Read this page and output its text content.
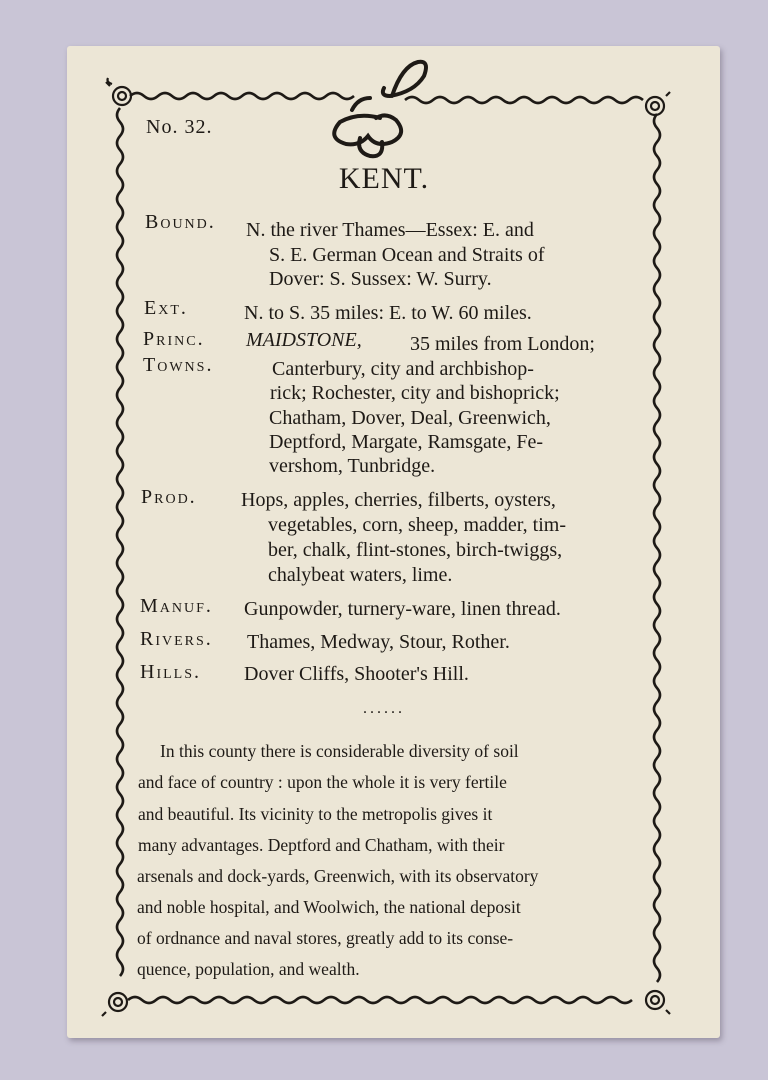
No. 32.
KENT.
Bound. N. the river Thames—Essex: E. and
S. E. German Ocean and Straits of
Dover: S. Sussex: W. Surry.
Ext.	N. to S. 35 miles: E. to W. 60 miles.
Princ.
Towns.
MAIDSTONE, 35 miles from London;
Canterbury, city and archbishop-
rick; Rochester, city and bishoprick;
Chatham, Dover, Deal, Greenwich,
Deptford, Margate, Ramsgate, Fe-
vershom, Tunbridge.
Prod. Hops, apples, cherries, filberts, oysters,
vegetables, corn, sheep, madder, tim-
ber, chalk, flint-stones, birch-twiggs,
chalybeat waters, lime.
Manuf. Gunpowder, turnery-ware, linen thread.
Rivers. Thames, Medway, Stour, Rother.
Hills. Dover Cliffs, Shooter's Hill.
......
In this county there is considerable diversity of soil
and face of country : upon the whole it is very fertile
and beautiful. Its vicinity to the metropolis gives it
many advantages. Deptford and Chatham, with their
arsenals and dock-yards, Greenwich, with its observatory
and noble hospital, and Woolwich, the national deposit
of ordnance and naval stores, greatly add to its conse-
quence, population, and wealth.
